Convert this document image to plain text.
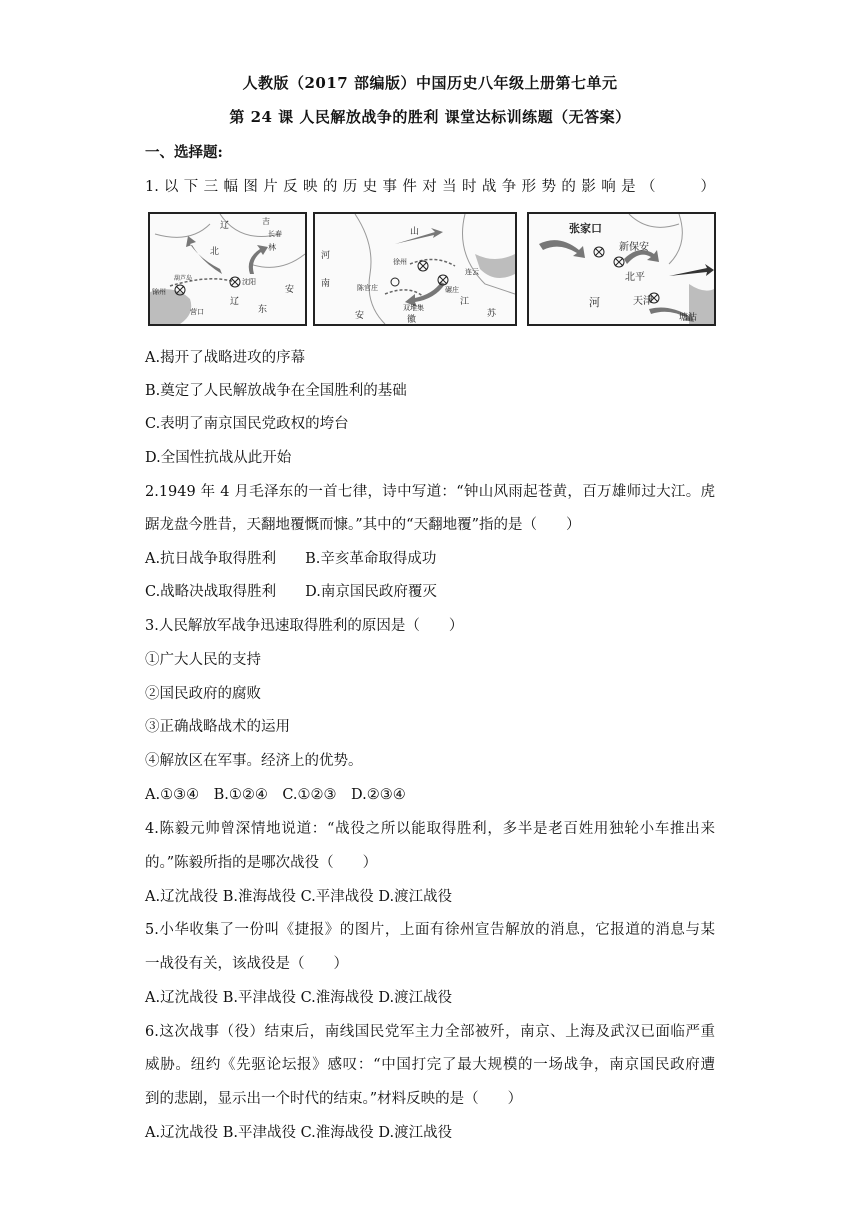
人教版（2017 部编版）中国历史八年级上册第七单元
第 24 课 人民解放战争的胜利 课堂达标训练题（无答案）
一、选择题:
1. 以 下 三 幅 图 片 反 映 的 历 史 事 件 对 当 时 战 争 形 势 的 影 响 是 （　　　）
辽
北
吉
长春
林
锦州
葫芦岛	沈阳
辽
东
安
营口
河
山
徐州
连云
南	陈官庄	碾庄
双堆集
江
苏
安	徽
张家口
新保安
北平
天津
河
塘沽
A.揭开了战略进攻的序幕
B.奠定了人民解放战争在全国胜利的基础
C.表明了南京国民党政权的垮台
D.全国性抗战从此开始
2.1949 年 4 月毛泽东的一首七律，诗中写道：“钟山风雨起苍黄，百万雄师过大江。虎
踞龙盘今胜昔，天翻地覆慨而慷。”其中的“天翻地覆”指的是（　　）
A.抗日战争取得胜利　　B.辛亥革命取得成功
C.战略决战取得胜利　　D.南京国民政府覆灭
3.人民解放军战争迅速取得胜利的原因是（　　）
①广大人民的支持
②国民政府的腐败
③正确战略战术的运用
④解放区在军事。经济上的优势。
A.①③④　B.①②④　C.①②③　D.②③④
4.陈毅元帅曾深情地说道：“战役之所以能取得胜利，多半是老百姓用独轮小车推出来
的。”陈毅所指的是哪次战役（　　）
A.辽沈战役 B.淮海战役 C.平津战役 D.渡江战役
5.小华收集了一份叫《捷报》的图片，上面有徐州宣告解放的消息，它报道的消息与某
一战役有关，该战役是（　　）
A.辽沈战役 B.平津战役 C.淮海战役 D.渡江战役
6.这次战事（役）结束后，南线国民党军主力全部被歼，南京、上海及武汉已面临严重
威胁。纽约《先驱论坛报》感叹：“中国打完了最大规模的一场战争，南京国民政府遭
到的悲剧，显示出一个时代的结束。”材料反映的是（　　）
A.辽沈战役 B.平津战役 C.淮海战役 D.渡江战役
